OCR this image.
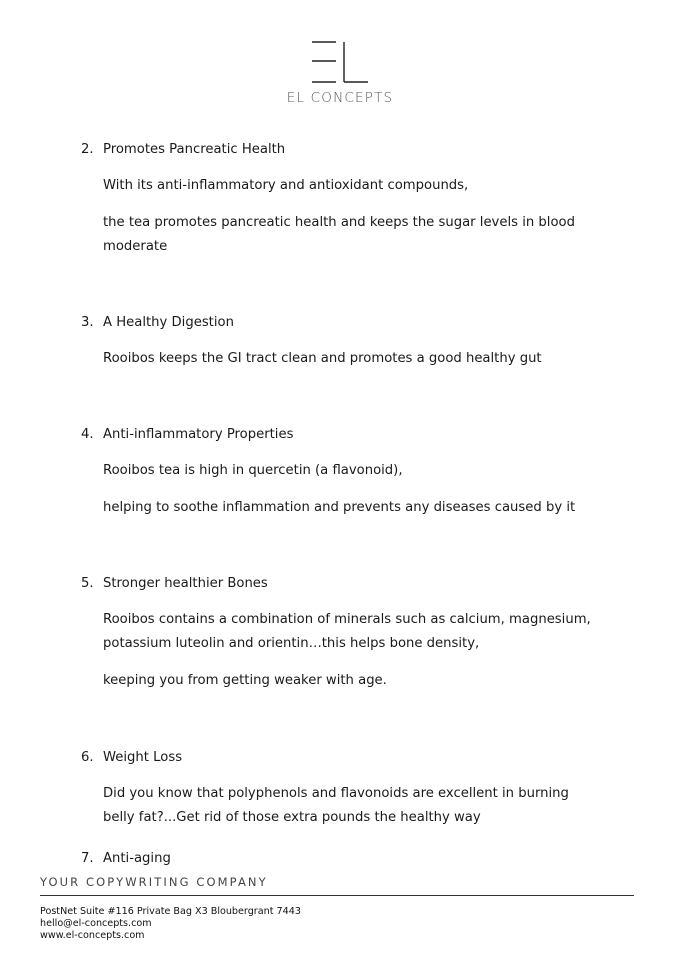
EL CONCEPTS
2. Promotes Pancreatic Health
With its anti-inflammatory and antioxidant compounds,
the tea promotes pancreatic health and keeps the sugar levels in blood moderate
3. A Healthy Digestion
Rooibos keeps the GI tract clean and promotes a good healthy gut
4. Anti-inflammatory Properties
Rooibos tea is high in quercetin (a flavonoid),
helping to soothe inflammation and prevents any diseases caused by it
5. Stronger healthier Bones
Rooibos contains a combination of minerals such as calcium, magnesium, potassium luteolin and orientin…this helps bone density,
keeping you from getting weaker with age.
6. Weight Loss
Did you know that polyphenols and flavonoids are excellent in burning belly fat?...Get rid of those extra pounds the healthy way
7. Anti-aging
YOUR COPYWRITING COMPANY
PostNet Suite #116 Private Bag X3 Bloubergrant 7443
hello@el-concepts.com
www.el-concepts.com
